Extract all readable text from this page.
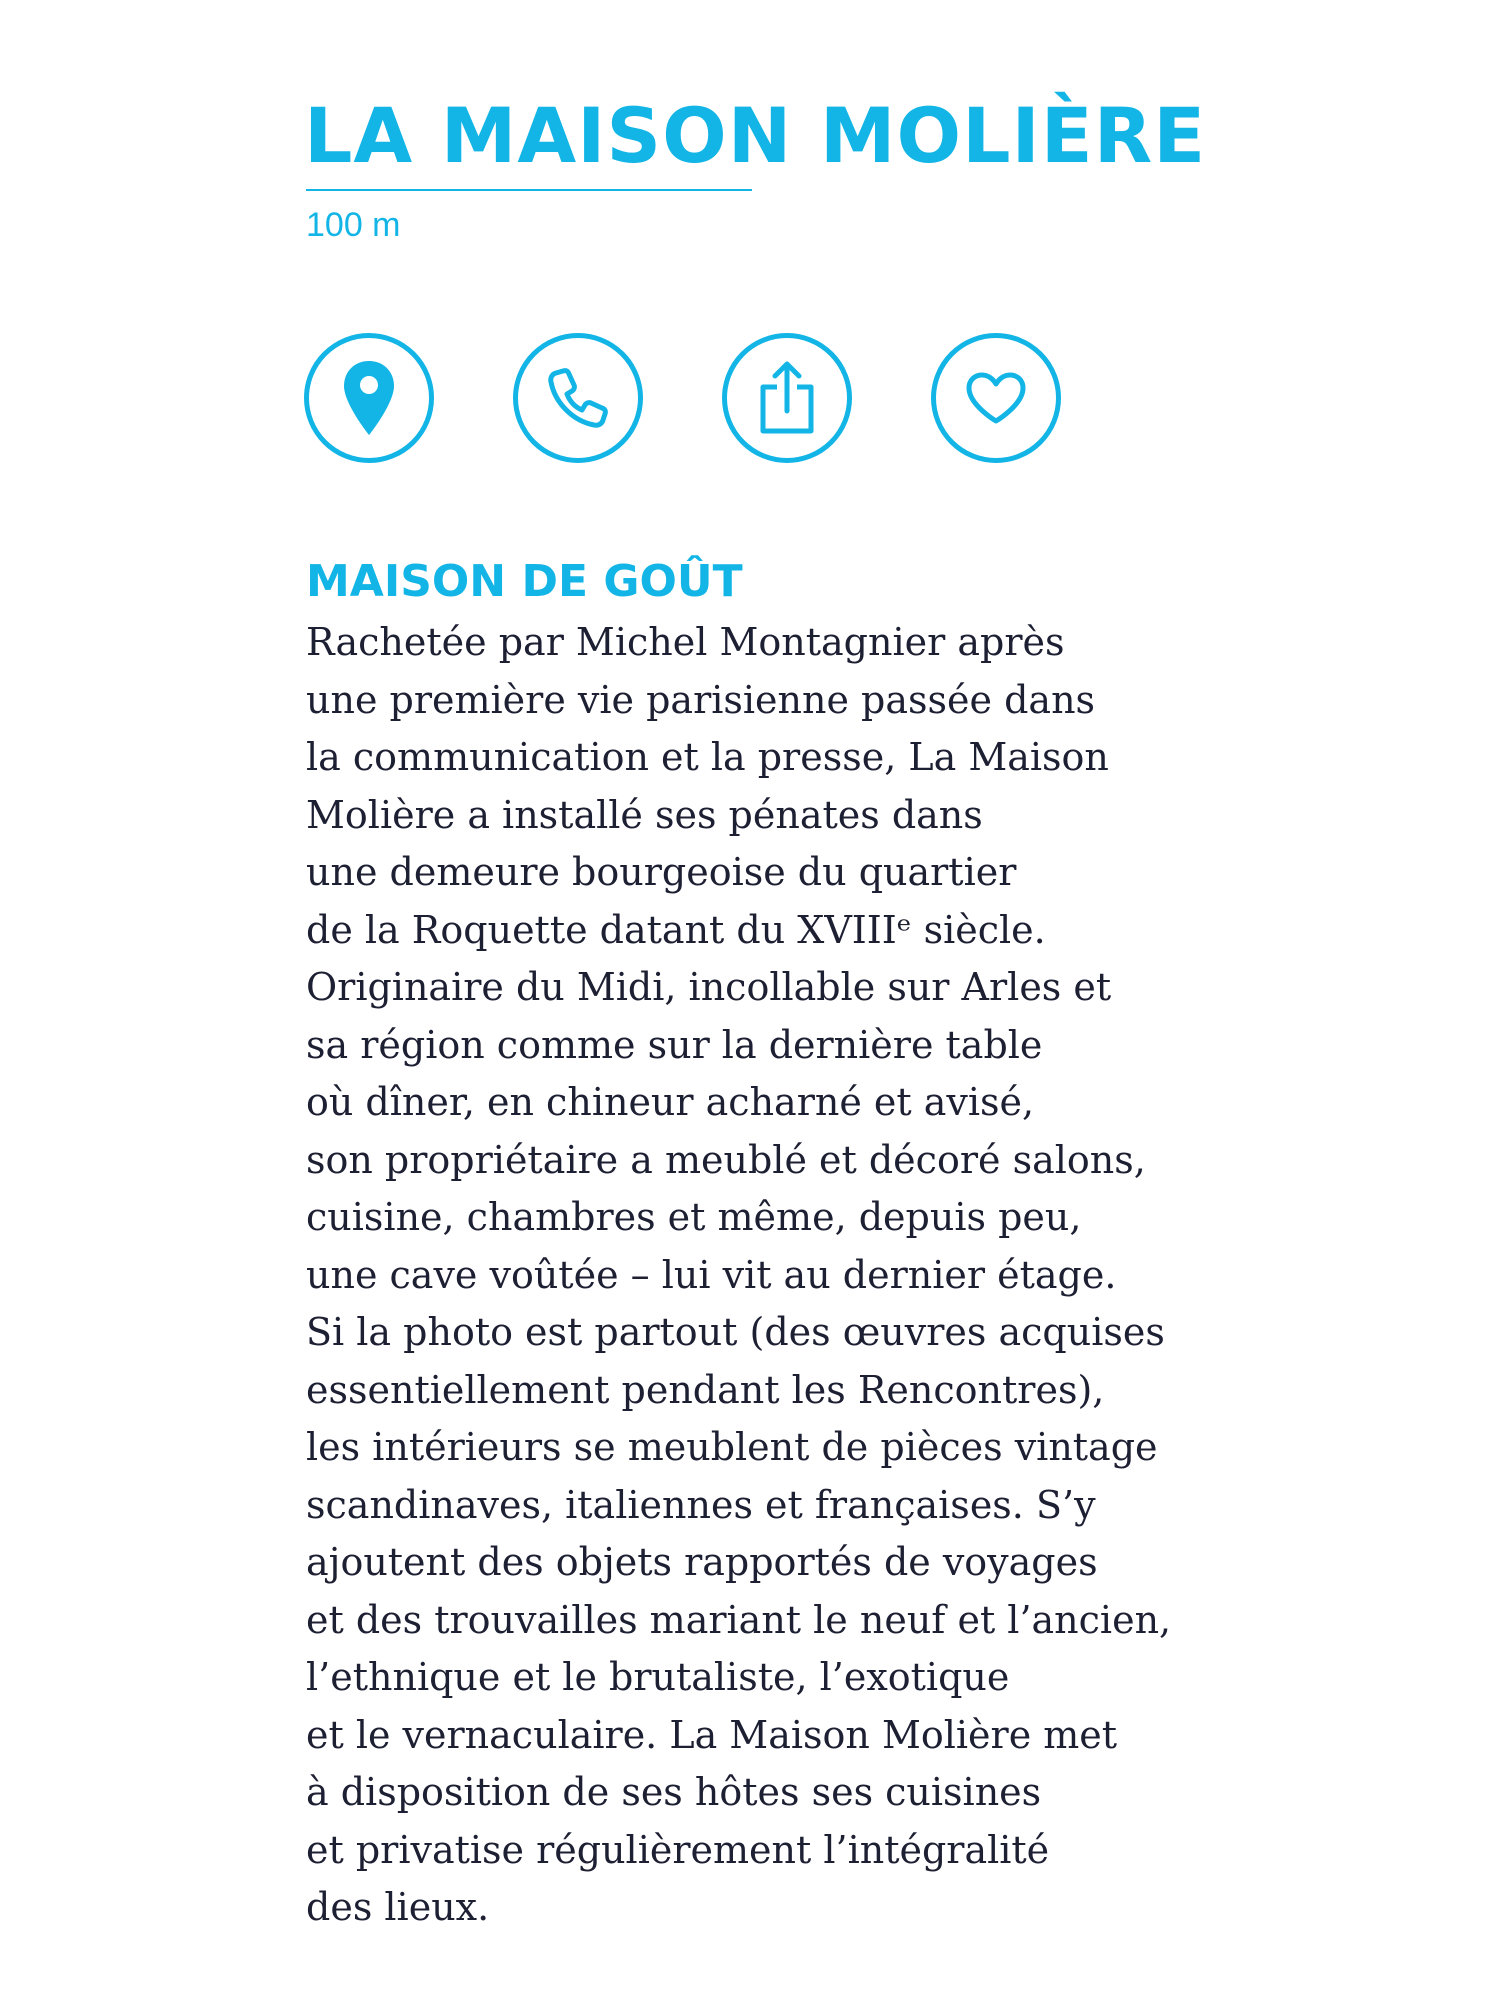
LA MAISON MOLIÈRE
100 m
MAISON DE GOÛT
Rachetée par Michel Montagnier après
une première vie parisienne passée dans
la communication et la presse, La Maison
Molière a installé ses pénates dans
une demeure bourgeoise du quartier
de la Roquette datant du XVIIIᵉ siècle.
Originaire du Midi, incollable sur Arles et
sa région comme sur la dernière table
où dîner, en chineur acharné et avisé,
son propriétaire a meublé et décoré salons,
cuisine, chambres et même, depuis peu,
une cave voûtée – lui vit au dernier étage.
Si la photo est partout (des œuvres acquises
essentiellement pendant les Rencontres),
les intérieurs se meublent de pièces vintage
scandinaves, italiennes et françaises. S’y
ajoutent des objets rapportés de voyages
et des trouvailles mariant le neuf et l’ancien,
l’ethnique et le brutaliste, l’exotique
et le vernaculaire. La Maison Molière met
à disposition de ses hôtes ses cuisines
et privatise régulièrement l’intégralité
des lieux.
